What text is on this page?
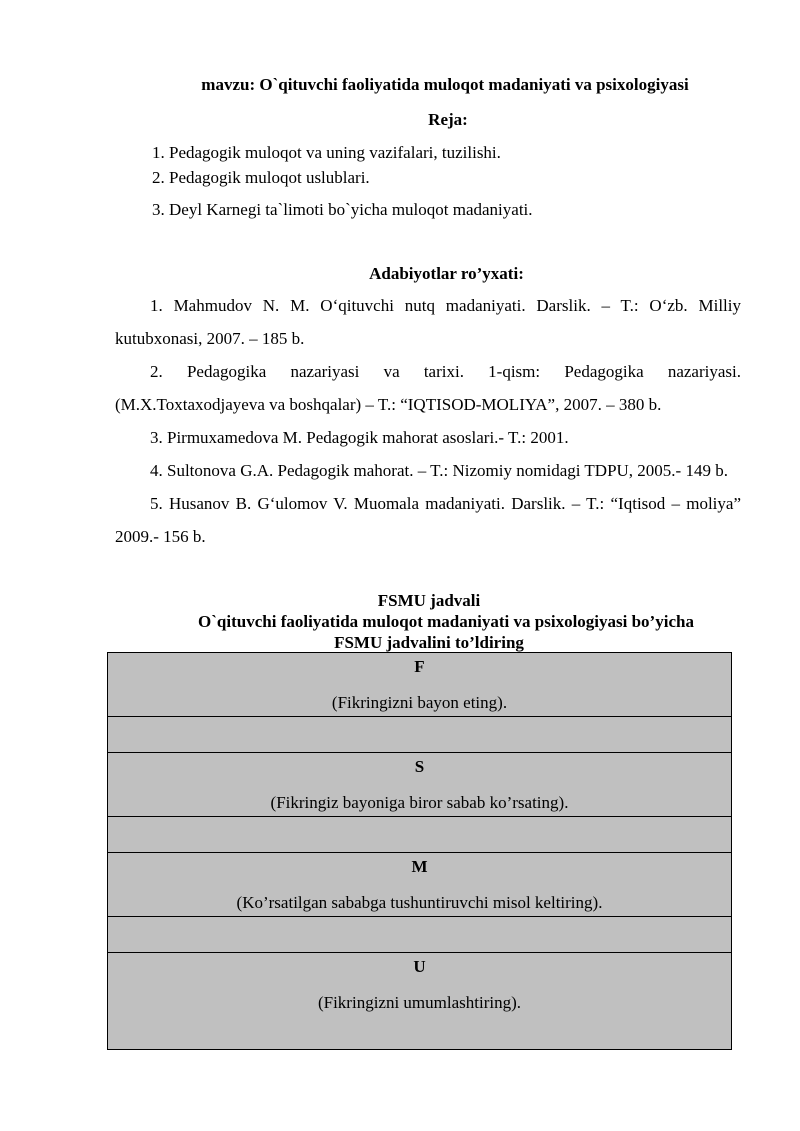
mavzu: O`qituvchi faoliyatida muloqot madaniyati va psixologiyasi
Reja:
1. Pedagogik muloqot va uning vazifalari, tuzilishi.
2. Pedagogik muloqot uslublari.
3. Deyl Karnegi ta`limoti bo`yicha muloqot madaniyati.
Adabiyotlar ro’yxati:

1. Mahmudov N. M. O‘qituvchi nutq madaniyati. Darslik. – T.: O‘zb. Milliy kutubxonasi, 2007. – 185 b.

2. Pedagogika nazariyasi va tarixi. 1-qism: Pedagogika nazariyasi. (M.X.Toxtaxodjayeva va boshqalar) – T.: “IQTISOD-MOLIYA”, 2007. – 380 b.

3. Pirmuxamedova M. Pedagogik mahorat asoslari.- T.: 2001.

4. Sultonova G.A. Pedagogik mahorat. – T.: Nizomiy nomidagi TDPU, 2005.- 149 b.

5. Husanov B. G‘ulomov V. Muomala madaniyati. Darslik. – T.: “Iqtisod – moliya” 2009.- 156 b.

FSMU jadvali
O`qituvchi faoliyatida muloqot madaniyati va psixologiyasi bo’yicha
FSMU jadvalini to’ldiring
F
(Fikringizni bayon eting).

S
(Fikringiz bayoniga biror sabab ko’rsating).

M
(Ko’rsatilgan sababga tushuntiruvchi misol keltiring).

U
(Fikringizni umumlashtiring).
